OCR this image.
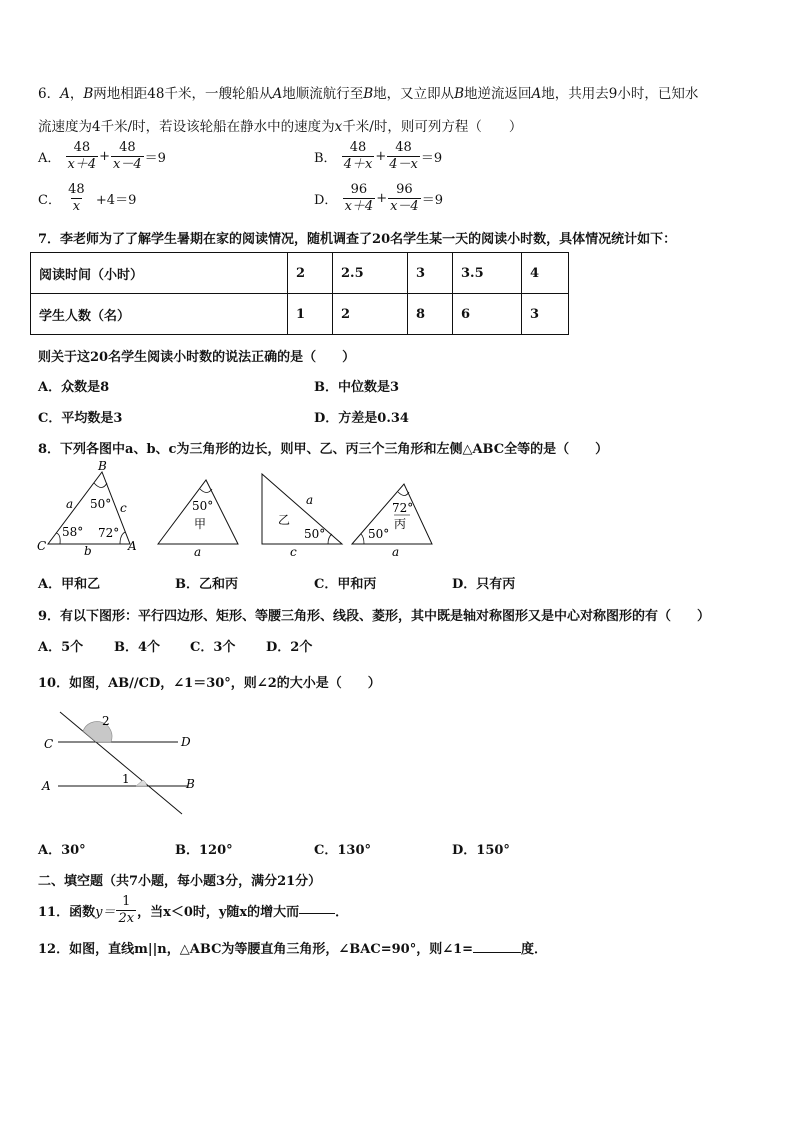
6．A，B两地相距48千米，一艘轮船从A地顺流航行至B地，又立即从B地逆流返回A地，共用去9小时，已知水
流速度为4千米/时，若设该轮船在静水中的速度为x千米/时，则可列方程（　　）
A． $\frac{48}{x+4} + \frac{48}{x-4} =9$	B． $\frac{48}{4+x} + \frac{48}{4-x} =9$
C． $\frac{48}{x} +4=9$	D． $\frac{96}{x+4} + \frac{96}{x-4} =9$
7．李老师为了了解学生暑期在家的阅读情况，随机调查了20名学生某一天的阅读小时数，具体情况统计如下：
阅读时间（小时）	2	2.5	3	3.5	4
学生人数（名）	1	2	8	6	3
则关于这20名学生阅读小时数的说法正确的是（　　）
A．众数是8	B．中位数是3
C．平均数是3	D．方差是0.34
8．下列各图中a、b、c为三角形的边长，则甲、乙、丙三个三角形和左侧△ABC全等的是（　　）
B
C	A
a	c
b
50°
58° 72°
50°
甲
a
乙
50°
a
c
72°
丙
50°
a
A．甲和乙	B．乙和丙	C．甲和丙	D．只有丙
9．有以下图形：平行四边形、矩形、等腰三角形、线段、菱形，其中既是轴对称图形又是中心对称图形的有（　　）
A．5个 B．4个 C．3个 D．2个
10．如图，AB//CD，∠1＝30°，则∠2的大小是（　　）
2
1
C	D
A	B
A．30°	B．120°	C．130°	D．150°
二、填空题（共7小题，每小题3分，满分21分）
11．函数$y= \frac{1}{2x}$ ，当x＜0时，y随x的增大而	．
12．如图，直线m||n，△ABC为等腰直角三角形，∠BAC=90°，则∠1=	度．
